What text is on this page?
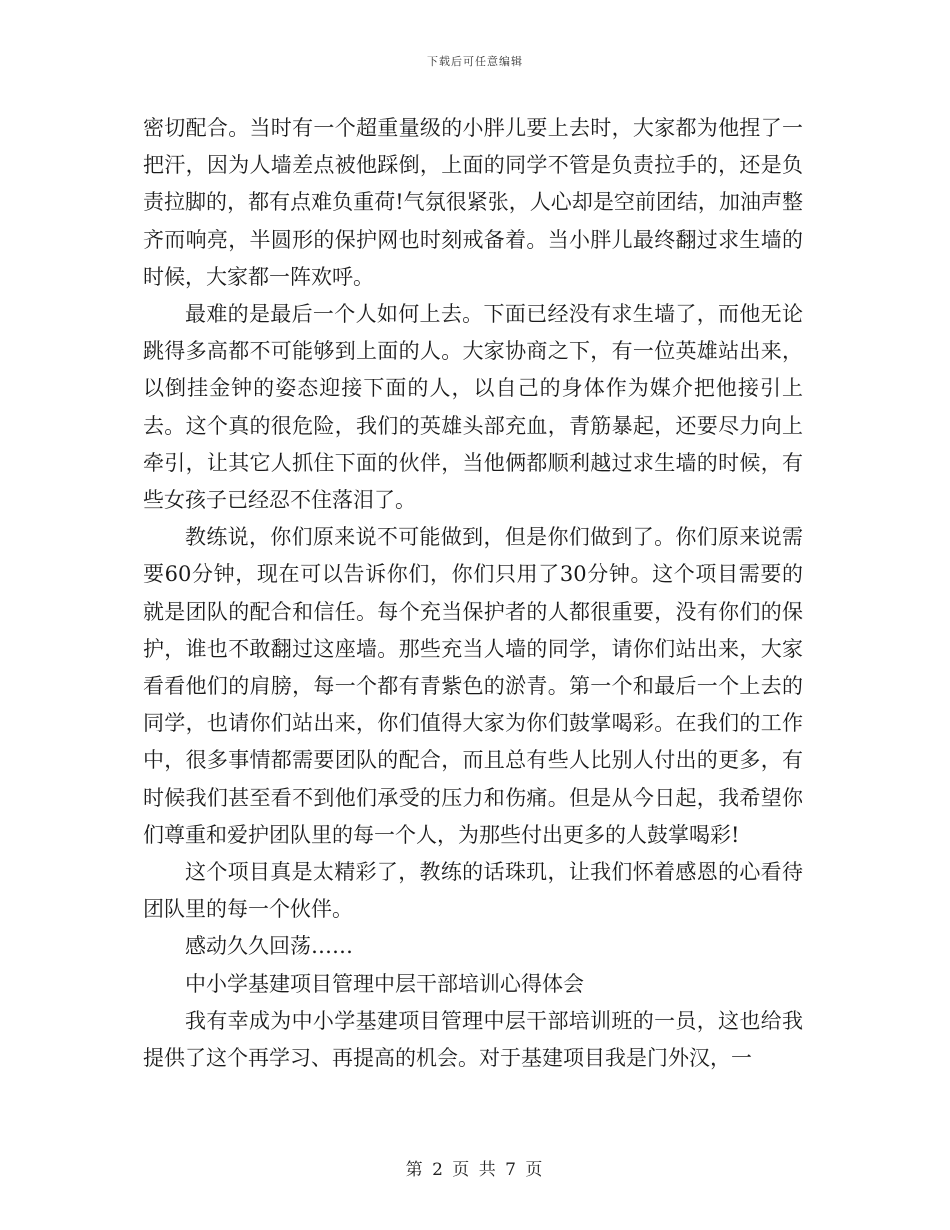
下载后可任意编辑

密切配合。当时有一个超重量级的小胖儿要上去时，大家都为他捏了一把汗，因为人墙差点被他踩倒，上面的同学不管是负责拉手的，还是负责拉脚的，都有点难负重荷!气氛很紧张，人心却是空前团结，加油声整齐而响亮，半圆形的保护网也时刻戒备着。当小胖儿最终翻过求生墙的时候，大家都一阵欢呼。

最难的是最后一个人如何上去。下面已经没有求生墙了，而他无论跳得多高都不可能够到上面的人。大家协商之下，有一位英雄站出来，以倒挂金钟的姿态迎接下面的人，以自己的身体作为媒介把他接引上去。这个真的很危险，我们的英雄头部充血，青筋暴起，还要尽力向上牵引，让其它人抓住下面的伙伴，当他俩都顺利越过求生墙的时候，有些女孩子已经忍不住落泪了。

教练说，你们原来说不可能做到，但是你们做到了。你们原来说需要60分钟，现在可以告诉你们，你们只用了30分钟。这个项目需要的就是团队的配合和信任。每个充当保护者的人都很重要，没有你们的保护，谁也不敢翻过这座墙。那些充当人墙的同学，请你们站出来，大家看看他们的肩膀，每一个都有青紫色的淤青。第一个和最后一个上去的同学，也请你们站出来，你们值得大家为你们鼓掌喝彩。在我们的工作中，很多事情都需要团队的配合，而且总有些人比别人付出的更多，有时候我们甚至看不到他们承受的压力和伤痛。但是从今日起，我希望你们尊重和爱护团队里的每一个人，为那些付出更多的人鼓掌喝彩!

这个项目真是太精彩了，教练的话珠玑，让我们怀着感恩的心看待团队里的每一个伙伴。

感动久久回荡……

中小学基建项目管理中层干部培训心得体会

我有幸成为中小学基建项目管理中层干部培训班的一员，这也给我提供了这个再学习、再提高的机会。对于基建项目我是门外汉，一

第 2 页 共 7 页
